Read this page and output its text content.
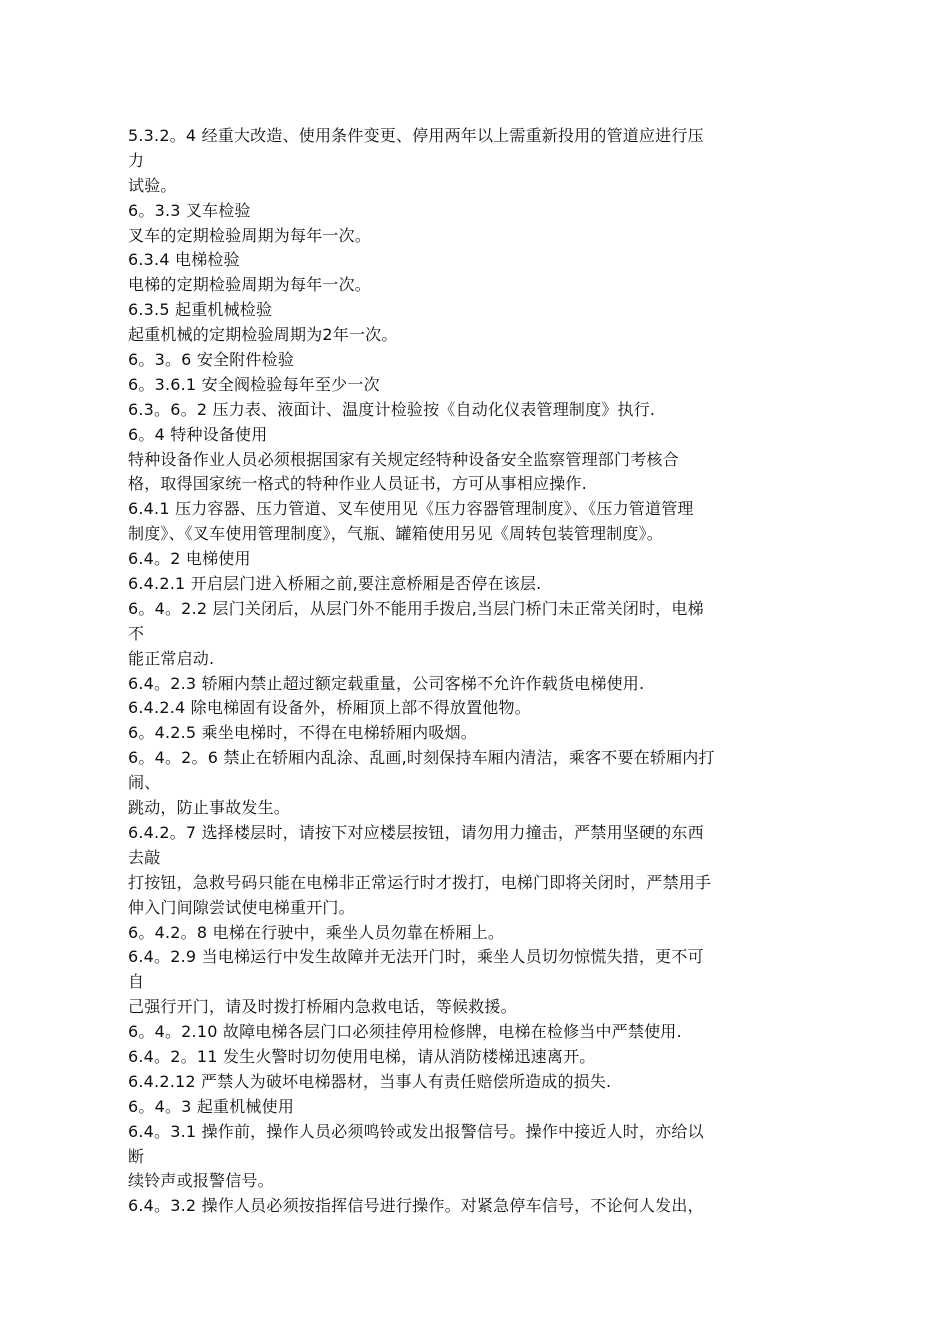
5.3.2。4 经重大改造、使用条件变更、停用两年以上需重新投用的管道应进行压
力
试验。
6。3.3 叉车检验
叉车的定期检验周期为每年一次。
6.3.4 电梯检验
电梯的定期检验周期为每年一次。
6.3.5 起重机械检验
起重机械的定期检验周期为2年一次。
6。3。6 安全附件检验
6。3.6.1 安全阀检验每年至少一次
6.3。6。2 压力表、液面计、温度计检验按《自动化仪表管理制度》执行.
6。4 特种设备使用
特种设备作业人员必须根据国家有关规定经特种设备安全监察管理部门考核合
格，取得国家统一格式的特种作业人员证书，方可从事相应操作.
6.4.1 压力容器、压力管道、叉车使用见《压力容器管理制度》、《压力管道管理
制度》、《叉车使用管理制度》，气瓶、罐箱使用另见《周转包装管理制度》。
6.4。2 电梯使用
6.4.2.1 开启层门进入桥厢之前,要注意桥厢是否停在该层.
6。4。2.2 层门关闭后，从层门外不能用手拨启,当层门桥门未正常关闭时，电梯
不
能正常启动.
6.4。2.3 轿厢内禁止超过额定载重量，公司客梯不允许作载货电梯使用.
6.4.2.4 除电梯固有设备外，桥厢顶上部不得放置他物。
6。4.2.5 乘坐电梯时，不得在电梯轿厢内吸烟。
6。4。2。6 禁止在轿厢内乱涂、乱画,时刻保持车厢内清洁，乘客不要在轿厢内打
闹、
跳动，防止事故发生。
6.4.2。7 选择楼层时，请按下对应楼层按钮，请勿用力撞击，严禁用坚硬的东西
去敲
打按钮，急救号码只能在电梯非正常运行时才拨打，电梯门即将关闭时，严禁用手
伸入门间隙尝试使电梯重开门。
6。4.2。8 电梯在行驶中，乘坐人员勿靠在桥厢上。
6.4。2.9 当电梯运行中发生故障并无法开门时，乘坐人员切勿惊慌失措，更不可
自
己强行开门，请及时拨打桥厢内急救电话，等候救援。
6。4。2.10 故障电梯各层门口必须挂停用检修牌，电梯在检修当中严禁使用.
6.4。2。11 发生火警时切勿使用电梯，请从消防楼梯迅速离开。
6.4.2.12 严禁人为破坏电梯器材，当事人有责任赔偿所造成的损失.
6。4。3 起重机械使用
6.4。3.1 操作前，操作人员必须鸣铃或发出报警信号。操作中接近人时，亦给以
断
续铃声或报警信号。
6.4。3.2 操作人员必须按指挥信号进行操作。对紧急停车信号，不论何人发出，
